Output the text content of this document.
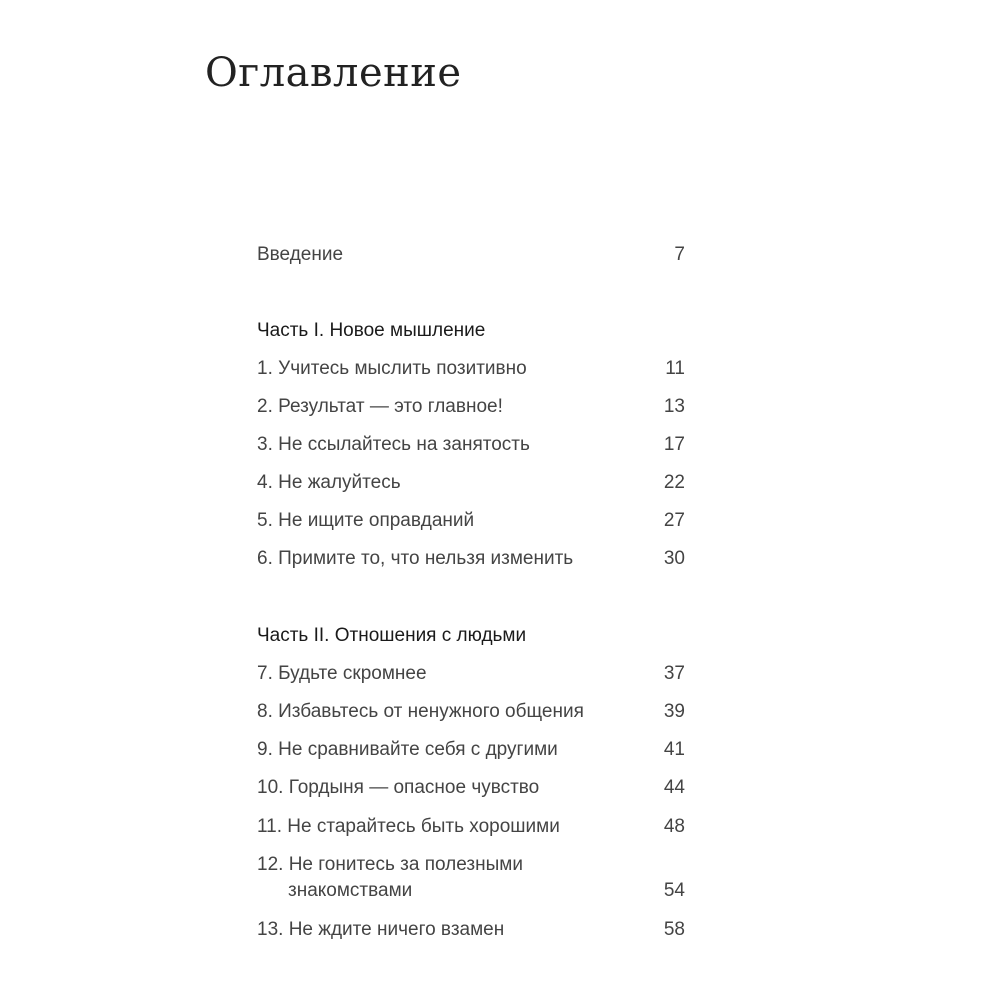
Оглавление
Введение	7
Часть I. Новое мышление
1. Учитесь мыслить позитивно	11
2. Результат — это главное!	13
3. Не ссылайтесь на занятость	17
4. Не жалуйтесь	22
5. Не ищите оправданий	27
6. Примите то, что нельзя изменить	30
Часть II. Отношения с людьми
7. Будьте скромнее	37
8. Избавьтесь от ненужного общения	39
9. Не сравнивайте себя с другими	41
10. Гордыня — опасное чувство	44
11. Не старайтесь быть хорошими	48
12. Не гонитесь за полезными
знакомствами	54
13. Не ждите ничего взамен	58
